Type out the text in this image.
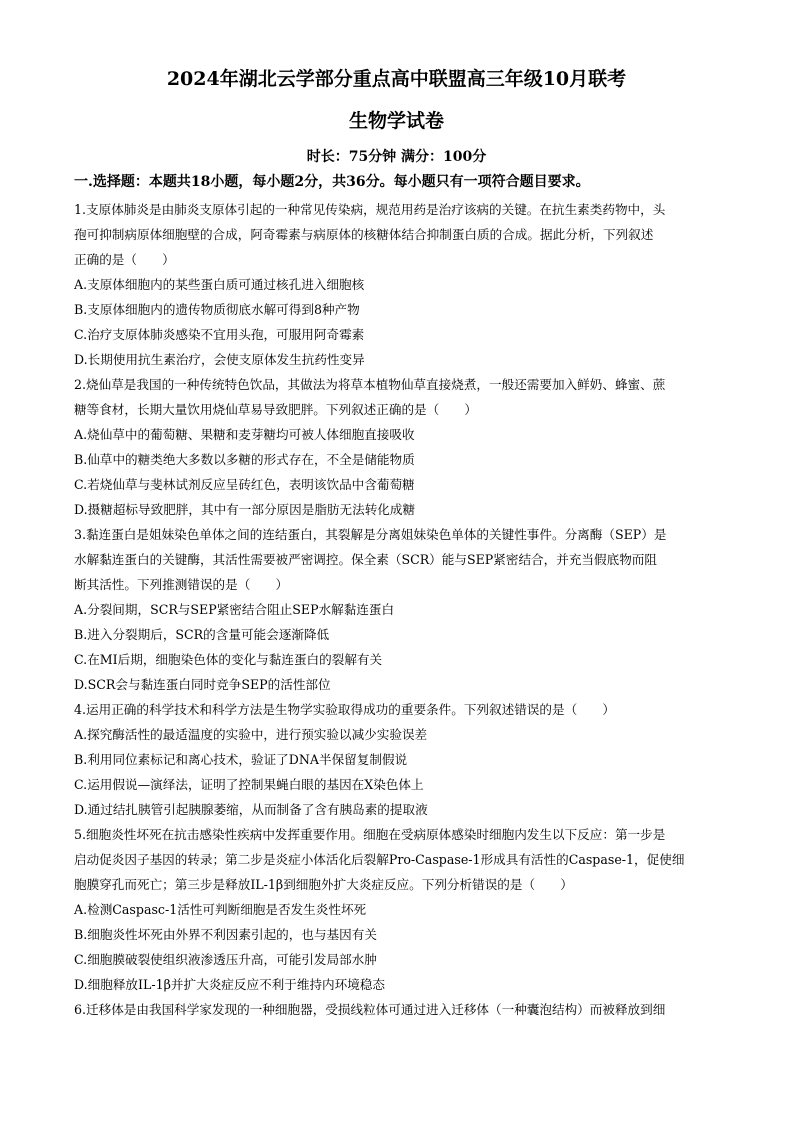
2024年湖北云学部分重点高中联盟高三年级10月联考
生物学试卷
时长：75分钟 满分：100分
一.选择题：本题共18小题，每小题2分，共36分。每小题只有一项符合题目要求。
1.支原体肺炎是由肺炎支原体引起的一种常见传染病，规范用药是治疗该病的关键。在抗生素类药物中，头
孢可抑制病原体细胞壁的合成，阿奇霉素与病原体的核糖体结合抑制蛋白质的合成。据此分析，下列叙述
正确的是（　　）
A.支原体细胞内的某些蛋白质可通过核孔进入细胞核
B.支原体细胞内的遗传物质彻底水解可得到8种产物
C.治疗支原体肺炎感染不宜用头孢，可服用阿奇霉素
D.长期使用抗生素治疗，会使支原体发生抗药性变异
2.烧仙草是我国的一种传统特色饮品，其做法为将草本植物仙草直接烧煮，一般还需要加入鲜奶、蜂蜜、蔗
糖等食材，长期大量饮用烧仙草易导致肥胖。下列叙述正确的是（　　）
A.烧仙草中的葡萄糖、果糖和麦芽糖均可被人体细胞直接吸收
B.仙草中的糖类绝大多数以多糖的形式存在，不全是储能物质
C.若烧仙草与斐林试剂反应呈砖红色，表明该饮品中含葡萄糖
D.摄糖超标导致肥胖，其中有一部分原因是脂肪无法转化成糖
3.黏连蛋白是姐妹染色单体之间的连结蛋白，其裂解是分离姐妹染色单体的关键性事件。分离酶（SEP）是
水解黏连蛋白的关键酶，其活性需要被严密调控。保全素（SCR）能与SEP紧密结合，并充当假底物而阻
断其活性。下列推测错误的是（　　）
A.分裂间期，SCR与SEP紧密结合阻止SEP水解黏连蛋白
B.进入分裂期后，SCR的含量可能会逐渐降低
C.在MI后期，细胞染色体的变化与黏连蛋白的裂解有关
D.SCR会与黏连蛋白同时竞争SEP的活性部位
4.运用正确的科学技术和科学方法是生物学实验取得成功的重要条件。下列叙述错误的是（　　）
A.探究酶活性的最适温度的实验中，进行预实验以减少实验误差
B.利用同位素标记和离心技术，验证了DNA半保留复制假说
C.运用假说—演绎法，证明了控制果蝇白眼的基因在X染色体上
D.通过结扎胰管引起胰腺萎缩，从而制备了含有胰岛素的提取液
5.细胞炎性坏死在抗击感染性疾病中发挥重要作用。细胞在受病原体感染时细胞内发生以下反应：第一步是
启动促炎因子基因的转录；第二步是炎症小体活化后裂解Pro-Caspase-1形成具有活性的Caspase-1，促使细
胞膜穿孔而死亡；第三步是释放IL-1β到细胞外扩大炎症反应。下列分析错误的是（　　）
A.检测Caspasc-1活性可判断细胞是否发生炎性坏死
B.细胞炎性坏死由外界不利因素引起的，也与基因有关
C.细胞膜破裂使组织液渗透压升高，可能引发局部水肿
D.细胞释放IL-1β并扩大炎症反应不利于维持内环境稳态
6.迁移体是由我国科学家发现的一种细胞器，受损线粒体可通过进入迁移体（一种囊泡结构）而被释放到细
